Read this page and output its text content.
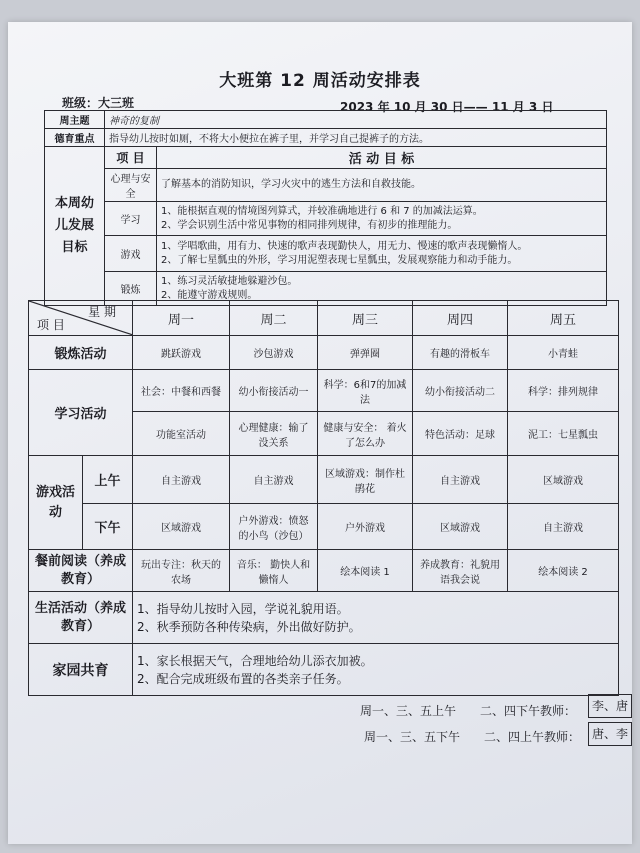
大班第 12 周活动安排表
班级：大三班	2023 年 10 月 30 日—— 11 月 3 日
周主题	神奇的复制	
德育重点	指导幼儿按时如厕，不将大小便拉在裤子里，并学习自己提裤子的方法。	
本周幼儿发展目标	项 目	活 动 目 标
	心理与安全	了解基本的消防知识，学习火灾中的逃生方法和自救技能。

	学习	1、能根据直观的情境图列算式，并较准确地进行 6 和 7 的加减法运算。
2、学会识别生活中常见事物的相同排列规律，有初步的推理能力。

	游戏	1、学唱歌曲，用有力、快速的歌声表现勤快人，用无力、慢速的歌声表现懒惰人。
2、了解七星瓢虫的外形，学习用泥塑表现七星瓢虫，发展观察能力和动手能力。

	锻炼	1、练习灵活敏捷地躲避沙包。
2、能遵守游戏规则。
星 期
项 目		周一	周二	周三	周四	周五
锻炼活动		跳跃游戏	沙包游戏	弹弹圈	有趣的滑板车	小青蛙
学习活动		社会：中餐和西餐	幼小衔接活动一	科学：6和7的加减法	幼小衔接活动二	科学：排列规律
		功能室活动	心理健康：输了没关系	健康与安全： 着火了怎么办	特色活动：足球	泥工：七星瓢虫
游戏活动	上午	自主游戏	自主游戏	区域游戏：制作杜鹃花	自主游戏	区域游戏
	下午	区域游戏	户外游戏：愤怒的小鸟（沙包）	户外游戏	区域游戏	自主游戏
餐前阅读（养成教育）		玩出专注：秋天的农场	音乐： 勤快人和懒惰人	绘本阅读 1	养成教育：礼貌用语我会说	绘本阅读 2
生活活动（养成教育）		1、指导幼儿按时入园，学说礼貌用语。
2、秋季预防各种传染病，外出做好防护。				

家园共育		1、家长根据天气，合理地给幼儿添衣加被。
2、配合完成班级布置的各类亲子任务。				
周一、三、五上午　　二、四下午教师：	李、唐
周一、三、五下午　　二、四上午教师： 唐、李
